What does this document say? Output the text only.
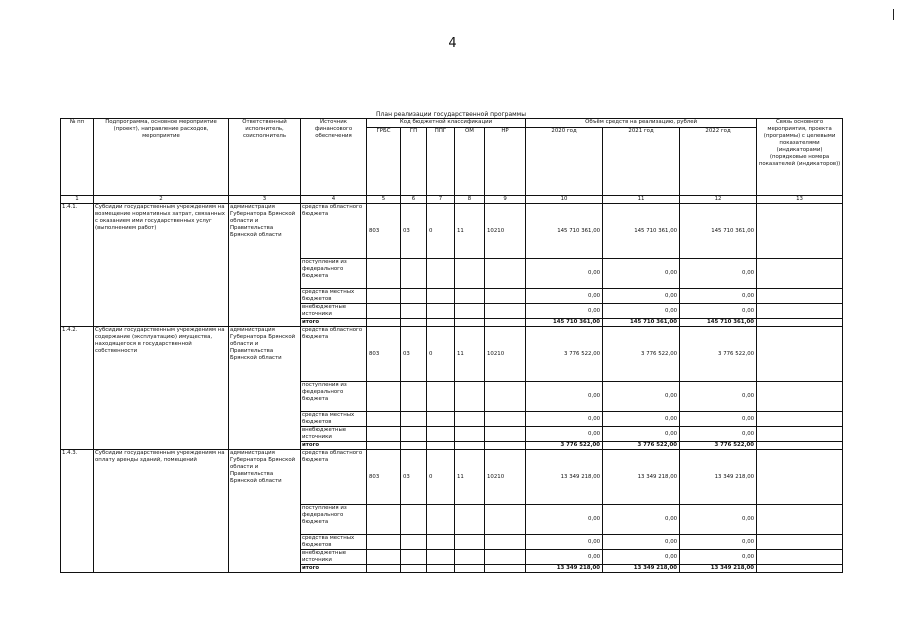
4
План реализации государственной программы
№ пп	Подпрограмма, основное мероприятие (проект), направление расходов, мероприятие	Ответственный исполнитель, соисполнитель	Источник финансового обеспечения	Код бюджетной классификации					Объём средств на реализацию, рублей			Связь основного мероприятия, проекта (программы) с целевыми показателями (индикаторами) (порядковые номера показателей (индикаторов))
				ГРБС	ГП	ППГ	ОМ	НР	2020 год	2021 год	2022 год	
1	2	3	4	5	6	7	8	9	10	11	12	13
1.4.1.	Субсидии государственным учреждениям на возмещение нормативных затрат, связанных с оказанием ими государственных услуг (выполнением работ)	администрация Губернатора Брянской области и Правительства Брянской области	средства областного бюджета	803	03	0	11	10210	145 710 361,00	145 710 361,00	145 710 361,00	
			поступления из федерального бюджета						0,00	0,00	0,00	
			средства местных бюджетов						0,00	0,00	0,00	
			внебюджетные источники						0,00	0,00	0,00	
			итого						145 710 361,00	145 710 361,00	145 710 361,00	
1.4.2.	Субсидии государственным учреждениям на содержание (эксплуатацию) имущества, находящегося в государственной собственности	администрация Губернатора Брянской области и Правительства Брянской области	средства областного бюджета	803	03	0	11	10210	3 776 522,00	3 776 522,00	3 776 522,00	
			поступления из федерального бюджета						0,00	0,00	0,00	
			средства местных бюджетов						0,00	0,00	0,00	
			внебюджетные источники						0,00	0,00	0,00	
			итого						3 776 522,00	3 776 522,00	3 776 522,00	
1.4.3.	Субсидии государственным учреждениям на оплату аренды зданий, помещений	администрация Губернатора Брянской области и Правительства Брянской области	средства областного бюджета	803	03	0	11	10210	13 349 218,00	13 349 218,00	13 349 218,00	
			поступления из федерального бюджета						0,00	0,00	0,00	
			средства местных бюджетов						0,00	0,00	0,00	
			внебюджетные источники						0,00	0,00	0,00	
			итого						13 349 218,00	13 349 218,00	13 349 218,00	
